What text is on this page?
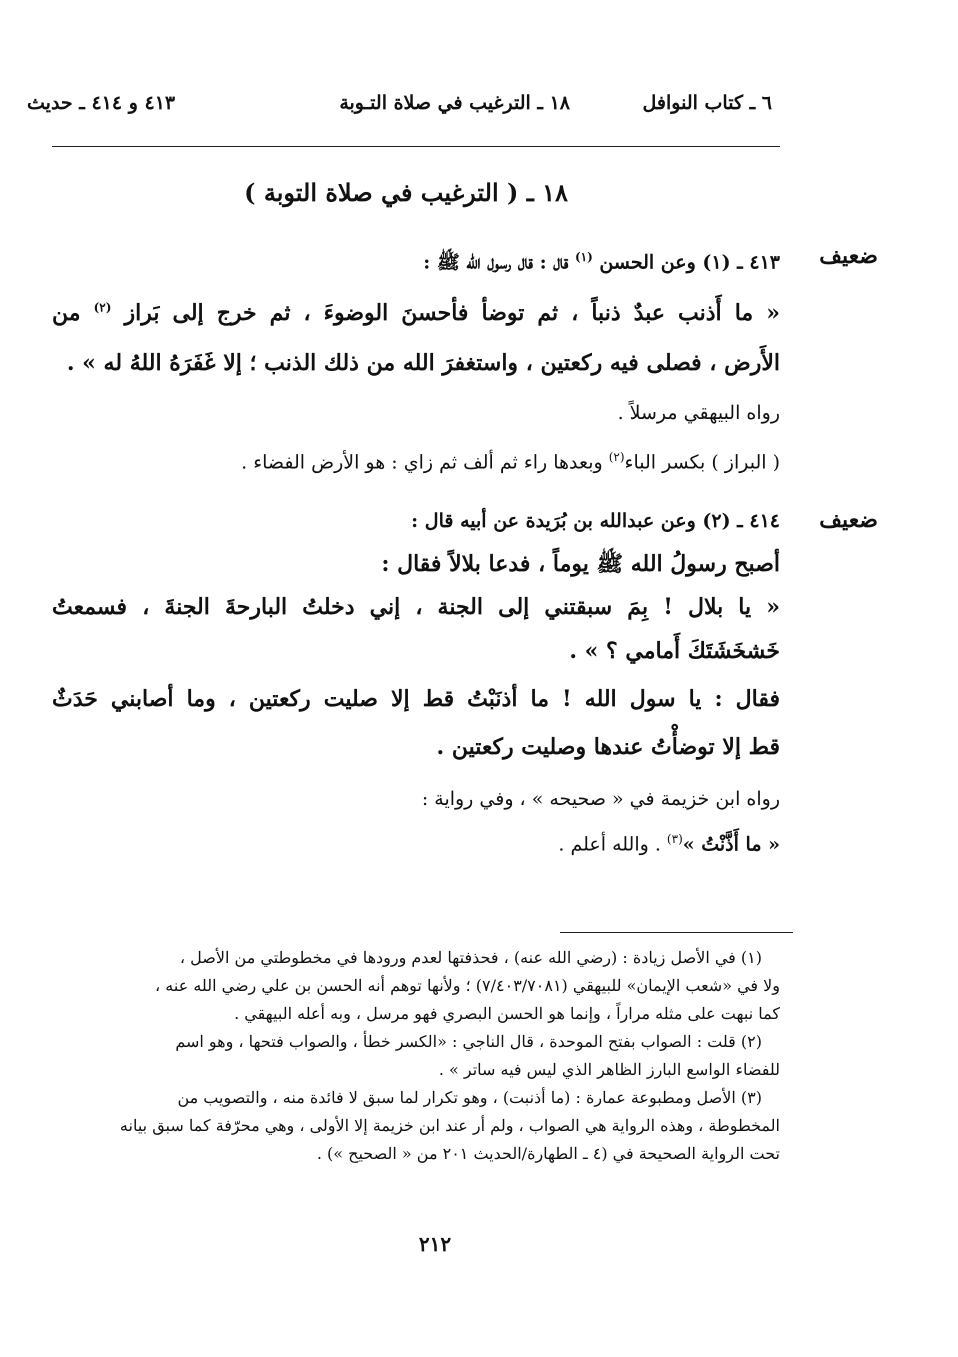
٦ ـ كتاب النوافل
١٨ ـ الترغيب في صلاة التـوبة
٤١٣ و ٤١٤ ـ حديث
١٨ ـ ( الترغيب في صلاة التوبة )
ضعيف
٤١٣ ـ (١) وعن الحسن $^{(١)}$ قال : قال رسول الله ﷺ :
« ما أَذنب عبدٌ ذنباً ، ثم توضأ فأحسنَ الوضوءَ ، ثم خرج إلى بَراز $^{(٢)}$ من
الأَرض ، فصلى فيه ركعتين ، واستغفرَ الله من ذلك الذنب ؛ إلا غَفَرَهُ اللهُ له » .
رواه البيهقي مرسلاً .
( البراز ) بكسر الباء$^{(٢)}$ وبعدها راء ثم ألف ثم زاي : هو الأرض الفضاء .
ضعيف
٤١٤ ـ (٢) وعن عبدالله بن بُرَيدة عن أبيه قال :
أصبح رسولُ الله ﷺ يوماً ، فدعا بلالاً فقال :
« يا بلال ! بِمَ سبقتني إلى الجنة ، إني دخلتُ البارحةَ الجنةَ ، فسمعتُ
خَشخَشَتَكَ أَمامي ؟ » .
فقال : يا سول الله ! ما أذنَبْتُ قط إلا صليت ركعتين ، وما أصابني حَدَثٌ
قط إلا توضأْتُ عندها وصليت ركعتين .
رواه ابن خزيمة في « صحيحه » ، وفي رواية :
« ما أَذَّنْتُ »$^{(٣)}$ . والله أعلم .

(١) في الأصل زيادة : (رضي الله عنه) ، فحذفتها لعدم ورودها في مخطوطتي من الأصل ،

ولا في «شعب الإيمان» للبيهقي (٧/٤٠٣/٧٠٨١) ؛ ولأنها توهم أنه الحسن بن علي رضي الله عنه ،

كما نبهت على مثله مراراً ، وإنما هو الحسن البصري فهو مرسل ، وبه أعله البيهقي .

(٢) قلت : الصواب بفتح الموحدة ، قال الناجي : «الكسر خطأ ، والصواب فتحها ، وهو اسم

للفضاء الواسع البارز الظاهر الذي ليس فيه ساتر » .

(٣) الأصل ومطبوعة عمارة : (ما أذنبت) ، وهو تكرار لما سبق لا فائدة منه ، والتصويب من

المخطوطة ، وهذه الرواية هي الصواب ، ولم أر عند ابن خزيمة إلا الأولى ، وهي محرّفة كما سبق بيانه

تحت الرواية الصحيحة في (٤ ـ الطهارة/الحديث ٢٠١ من « الصحيح ») .

٢١٢
